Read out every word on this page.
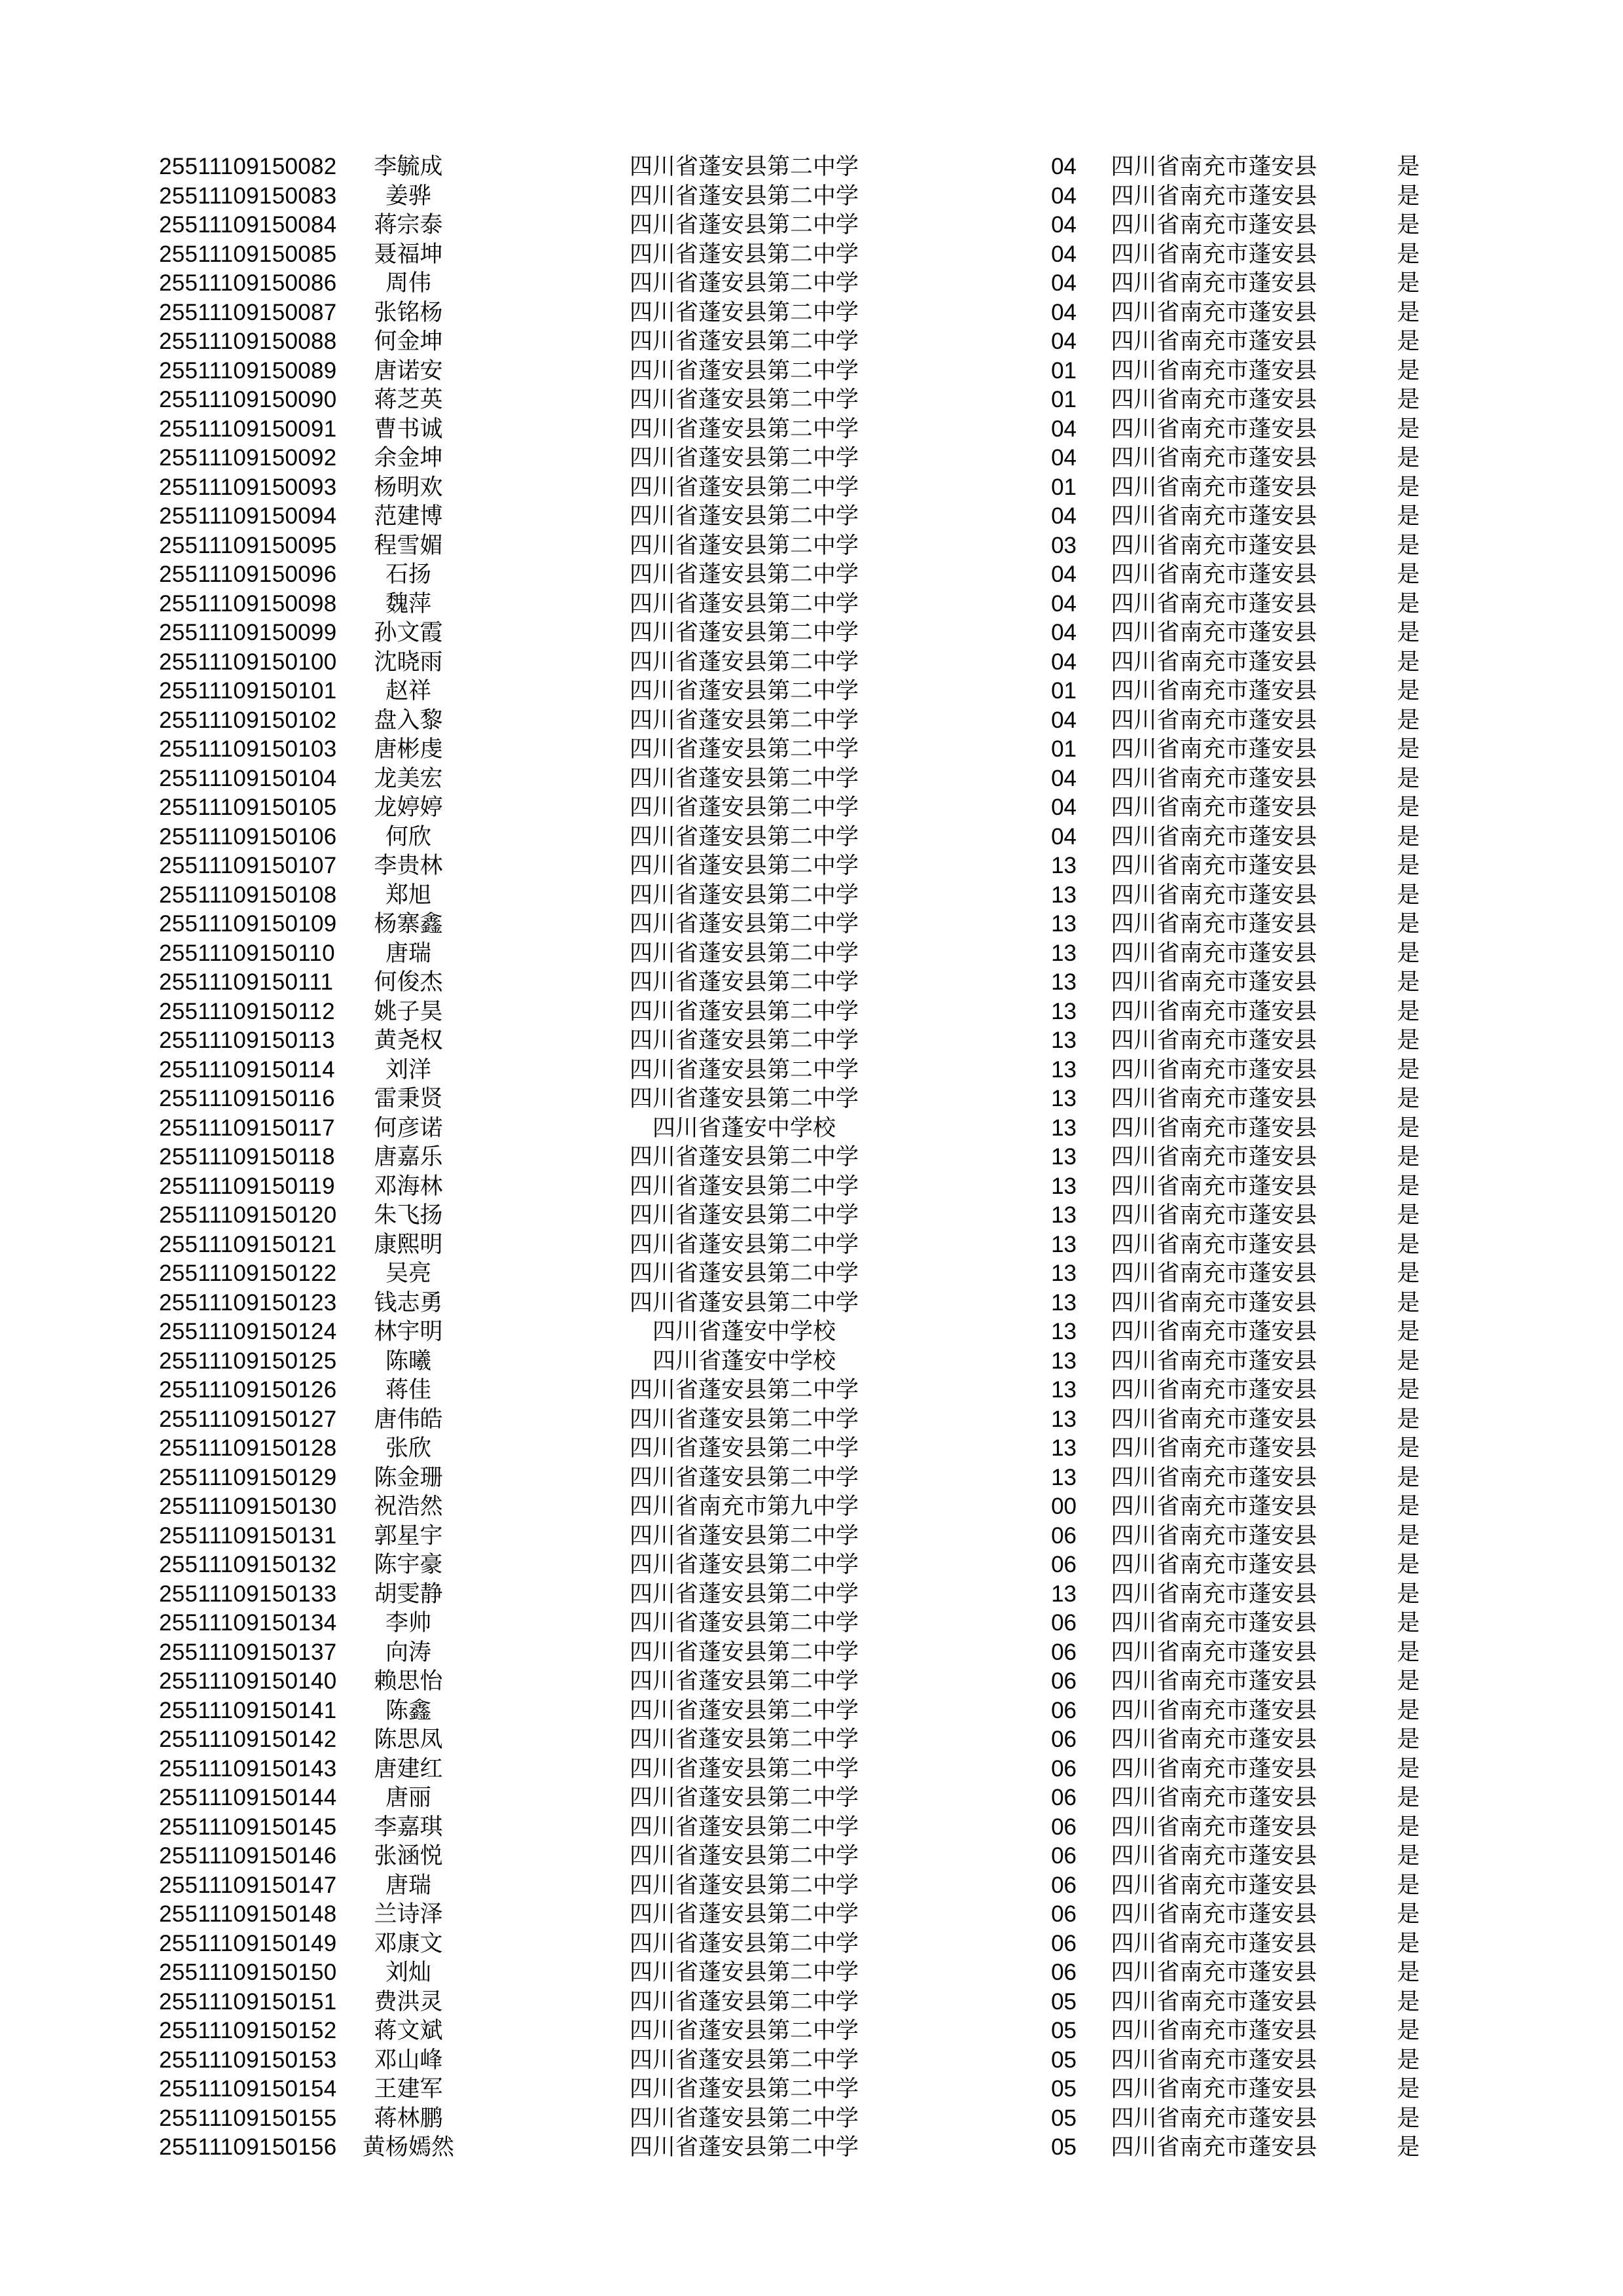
25511109150082	李毓成	四川省蓬安县第二中学	04	四川省南充市蓬安县	是
25511109150083	姜骅	四川省蓬安县第二中学	04	四川省南充市蓬安县	是
25511109150084	蒋宗泰	四川省蓬安县第二中学	04	四川省南充市蓬安县	是
25511109150085	聂福坤	四川省蓬安县第二中学	04	四川省南充市蓬安县	是
25511109150086	周伟	四川省蓬安县第二中学	04	四川省南充市蓬安县	是
25511109150087	张铭杨	四川省蓬安县第二中学	04	四川省南充市蓬安县	是
25511109150088	何金坤	四川省蓬安县第二中学	04	四川省南充市蓬安县	是
25511109150089	唐诺安	四川省蓬安县第二中学	01	四川省南充市蓬安县	是
25511109150090	蒋芝英	四川省蓬安县第二中学	01	四川省南充市蓬安县	是
25511109150091	曹书诚	四川省蓬安县第二中学	04	四川省南充市蓬安县	是
25511109150092	余金坤	四川省蓬安县第二中学	04	四川省南充市蓬安县	是
25511109150093	杨明欢	四川省蓬安县第二中学	01	四川省南充市蓬安县	是
25511109150094	范建博	四川省蓬安县第二中学	04	四川省南充市蓬安县	是
25511109150095	程雪媚	四川省蓬安县第二中学	03	四川省南充市蓬安县	是
25511109150096	石扬	四川省蓬安县第二中学	04	四川省南充市蓬安县	是
25511109150098	魏萍	四川省蓬安县第二中学	04	四川省南充市蓬安县	是
25511109150099	孙文霞	四川省蓬安县第二中学	04	四川省南充市蓬安县	是
25511109150100	沈晓雨	四川省蓬安县第二中学	04	四川省南充市蓬安县	是
25511109150101	赵祥	四川省蓬安县第二中学	01	四川省南充市蓬安县	是
25511109150102	盘入黎	四川省蓬安县第二中学	04	四川省南充市蓬安县	是
25511109150103	唐彬虔	四川省蓬安县第二中学	01	四川省南充市蓬安县	是
25511109150104	龙美宏	四川省蓬安县第二中学	04	四川省南充市蓬安县	是
25511109150105	龙婷婷	四川省蓬安县第二中学	04	四川省南充市蓬安县	是
25511109150106	何欣	四川省蓬安县第二中学	04	四川省南充市蓬安县	是
25511109150107	李贵林	四川省蓬安县第二中学	13	四川省南充市蓬安县	是
25511109150108	郑旭	四川省蓬安县第二中学	13	四川省南充市蓬安县	是
25511109150109	杨寨鑫	四川省蓬安县第二中学	13	四川省南充市蓬安县	是
25511109150110	唐瑞	四川省蓬安县第二中学	13	四川省南充市蓬安县	是
25511109150111	何俊杰	四川省蓬安县第二中学	13	四川省南充市蓬安县	是
25511109150112	姚子昊	四川省蓬安县第二中学	13	四川省南充市蓬安县	是
25511109150113	黄尧权	四川省蓬安县第二中学	13	四川省南充市蓬安县	是
25511109150114	刘洋	四川省蓬安县第二中学	13	四川省南充市蓬安县	是
25511109150116	雷秉贤	四川省蓬安县第二中学	13	四川省南充市蓬安县	是
25511109150117	何彦诺	四川省蓬安中学校	13	四川省南充市蓬安县	是
25511109150118	唐嘉乐	四川省蓬安县第二中学	13	四川省南充市蓬安县	是
25511109150119	邓海林	四川省蓬安县第二中学	13	四川省南充市蓬安县	是
25511109150120	朱飞扬	四川省蓬安县第二中学	13	四川省南充市蓬安县	是
25511109150121	康熙明	四川省蓬安县第二中学	13	四川省南充市蓬安县	是
25511109150122	吴亮	四川省蓬安县第二中学	13	四川省南充市蓬安县	是
25511109150123	钱志勇	四川省蓬安县第二中学	13	四川省南充市蓬安县	是
25511109150124	林宇明	四川省蓬安中学校	13	四川省南充市蓬安县	是
25511109150125	陈曦	四川省蓬安中学校	13	四川省南充市蓬安县	是
25511109150126	蒋佳	四川省蓬安县第二中学	13	四川省南充市蓬安县	是
25511109150127	唐伟皓	四川省蓬安县第二中学	13	四川省南充市蓬安县	是
25511109150128	张欣	四川省蓬安县第二中学	13	四川省南充市蓬安县	是
25511109150129	陈金珊	四川省蓬安县第二中学	13	四川省南充市蓬安县	是
25511109150130	祝浩然	四川省南充市第九中学	00	四川省南充市蓬安县	是
25511109150131	郭星宇	四川省蓬安县第二中学	06	四川省南充市蓬安县	是
25511109150132	陈宇豪	四川省蓬安县第二中学	06	四川省南充市蓬安县	是
25511109150133	胡雯静	四川省蓬安县第二中学	13	四川省南充市蓬安县	是
25511109150134	李帅	四川省蓬安县第二中学	06	四川省南充市蓬安县	是
25511109150137	向涛	四川省蓬安县第二中学	06	四川省南充市蓬安县	是
25511109150140	赖思怡	四川省蓬安县第二中学	06	四川省南充市蓬安县	是
25511109150141	陈鑫	四川省蓬安县第二中学	06	四川省南充市蓬安县	是
25511109150142	陈思凤	四川省蓬安县第二中学	06	四川省南充市蓬安县	是
25511109150143	唐建红	四川省蓬安县第二中学	06	四川省南充市蓬安县	是
25511109150144	唐丽	四川省蓬安县第二中学	06	四川省南充市蓬安县	是
25511109150145	李嘉琪	四川省蓬安县第二中学	06	四川省南充市蓬安县	是
25511109150146	张涵悦	四川省蓬安县第二中学	06	四川省南充市蓬安县	是
25511109150147	唐瑞	四川省蓬安县第二中学	06	四川省南充市蓬安县	是
25511109150148	兰诗泽	四川省蓬安县第二中学	06	四川省南充市蓬安县	是
25511109150149	邓康文	四川省蓬安县第二中学	06	四川省南充市蓬安县	是
25511109150150	刘灿	四川省蓬安县第二中学	06	四川省南充市蓬安县	是
25511109150151	费洪灵	四川省蓬安县第二中学	05	四川省南充市蓬安县	是
25511109150152	蒋文斌	四川省蓬安县第二中学	05	四川省南充市蓬安县	是
25511109150153	邓山峰	四川省蓬安县第二中学	05	四川省南充市蓬安县	是
25511109150154	王建军	四川省蓬安县第二中学	05	四川省南充市蓬安县	是
25511109150155	蒋林鹏	四川省蓬安县第二中学	05	四川省南充市蓬安县	是
25511109150156	黄杨嫣然	四川省蓬安县第二中学	05	四川省南充市蓬安县	是
